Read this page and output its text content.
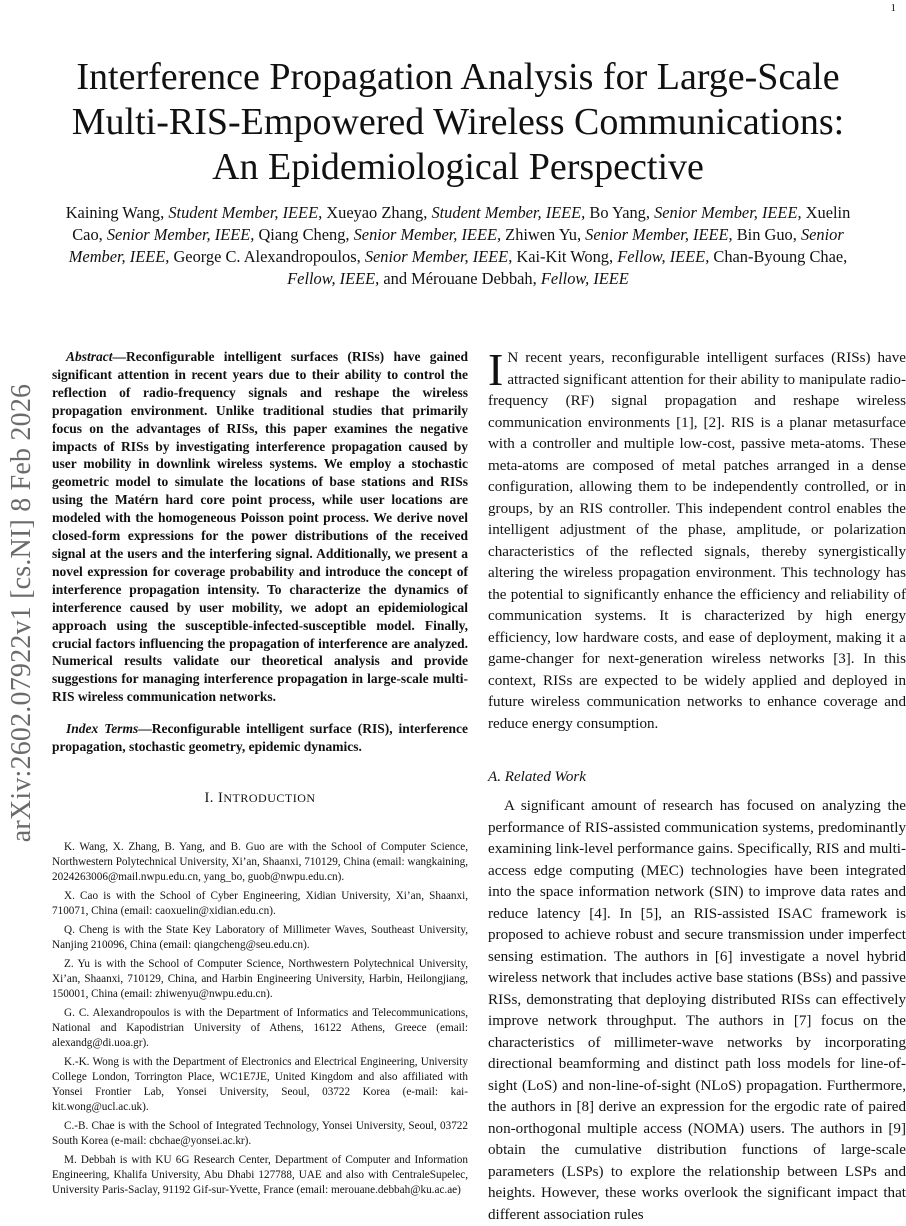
1
arXiv:2602.07922v1 [cs.NI] 8 Feb 2026
Interference Propagation Analysis for Large-Scale
Multi-RIS-Empowered Wireless Communications:
An Epidemiological Perspective
Kaining Wang, Student Member, IEEE, Xueyao Zhang, Student Member, IEEE, Bo Yang, Senior Member, IEEE, Xuelin Cao, Senior Member, IEEE, Qiang Cheng, Senior Member, IEEE, Zhiwen Yu, Senior Member, IEEE, Bin Guo, Senior Member, IEEE, George C. Alexandropoulos, Senior Member, IEEE, Kai-Kit Wong, Fellow, IEEE, Chan-Byoung Chae, Fellow, IEEE, and Mérouane Debbah, Fellow, IEEE

Abstract—Reconfigurable intelligent surfaces (RISs) have gained significant attention in recent years due to their ability to control the reflection of radio-frequency signals and reshape the wireless propagation environment. Unlike traditional studies that primarily focus on the advantages of RISs, this paper examines the negative impacts of RISs by investigating interference propagation caused by user mobility in downlink wireless systems. We employ a stochastic geometric model to simulate the locations of base stations and RISs using the Matérn hard core point process, while user locations are modeled with the homogeneous Poisson point process. We derive novel closed-form expressions for the power distributions of the received signal at the users and the interfering signal. Additionally, we present a novel expression for coverage probability and introduce the concept of interference propagation intensity. To characterize the dynamics of interference caused by user mobility, we adopt an epidemiological approach using the susceptible-infected-susceptible model. Finally, crucial factors influencing the propagation of interference are analyzed. Numerical results validate our theoretical analysis and provide suggestions for managing interference propagation in large-scale multi-RIS wireless communication networks.

Index Terms—Reconfigurable intelligent surface (RIS), interference propagation, stochastic geometry, epidemic dynamics.

I. INTRODUCTION

K. Wang, X. Zhang, B. Yang, and B. Guo are with the School of Computer Science, Northwestern Polytechnical University, Xi’an, Shaanxi, 710129, China (email: wangkaining, 2024263006@mail.nwpu.edu.cn, yang_bo, guob@nwpu.edu.cn).

X. Cao is with the School of Cyber Engineering, Xidian University, Xi’an, Shaanxi, 710071, China (email: caoxuelin@xidian.edu.cn).

Q. Cheng is with the State Key Laboratory of Millimeter Waves, Southeast University, Nanjing 210096, China (email: qiangcheng@seu.edu.cn).

Z. Yu is with the School of Computer Science, Northwestern Polytechnical University, Xi’an, Shaanxi, 710129, China, and Harbin Engineering University, Harbin, Heilongjiang, 150001, China (email: zhiwenyu@nwpu.edu.cn).

G. C. Alexandropoulos is with the Department of Informatics and Telecommunications, National and Kapodistrian University of Athens, 16122 Athens, Greece (email: alexandg@di.uoa.gr).

K.-K. Wong is with the Department of Electronics and Electrical Engineering, University College London, Torrington Place, WC1E7JE, United Kingdom and also affiliated with Yonsei Frontier Lab, Yonsei University, Seoul, 03722 Korea (e-mail: kai-kit.wong@ucl.ac.uk).

C.-B. Chae is with the School of Integrated Technology, Yonsei University, Seoul, 03722 South Korea (e-mail: cbchae@yonsei.ac.kr).

M. Debbah is with KU 6G Research Center, Department of Computer and Information Engineering, Khalifa University, Abu Dhabi 127788, UAE and also with CentraleSupelec, University Paris-Saclay, 91192 Gif-sur-Yvette, France (email: merouane.debbah@ku.ac.ae)

I N recent years, reconfigurable intelligent surfaces (RISs) have attracted significant attention for their ability to manipulate radio-frequency (RF) signal propagation and reshape wireless communication environments [1], [2]. RIS is a planar metasurface with a controller and multiple low-cost, passive meta-atoms. These meta-atoms are composed of metal patches arranged in a dense configuration, allowing them to be independently controlled, or in groups, by an RIS controller. This independent control enables the intelligent adjustment of the phase, amplitude, or polarization characteristics of the reflected signals, thereby synergistically altering the wireless propagation environment. This technology has the potential to significantly enhance the efficiency and reliability of communication systems. It is characterized by high energy efficiency, low hardware costs, and ease of deployment, making it a game-changer for next-generation wireless networks [3]. In this context, RISs are expected to be widely applied and deployed in future wireless communication networks to enhance coverage and reduce energy consumption.

A. Related Work

A significant amount of research has focused on analyzing the performance of RIS-assisted communication systems, predominantly examining link-level performance gains. Specifically, RIS and multi-access edge computing (MEC) technologies have been integrated into the space information network (SIN) to improve data rates and reduce latency [4]. In [5], an RIS-assisted ISAC framework is proposed to achieve robust and secure transmission under imperfect sensing estimation. The authors in [6] investigate a novel hybrid wireless network that includes active base stations (BSs) and passive RISs, demonstrating that deploying distributed RISs can effectively improve network throughput. The authors in [7] focus on the characteristics of millimeter-wave networks by incorporating directional beamforming and distinct path loss models for line-of-sight (LoS) and non-line-of-sight (NLoS) propagation. Furthermore, the authors in [8] derive an expression for the ergodic rate of paired non-orthogonal multiple access (NOMA) users. The authors in [9] obtain the cumulative distribution functions of large-scale parameters (LSPs) to explore the relationship between LSPs and heights. However, these works overlook the significant impact that different association rules
